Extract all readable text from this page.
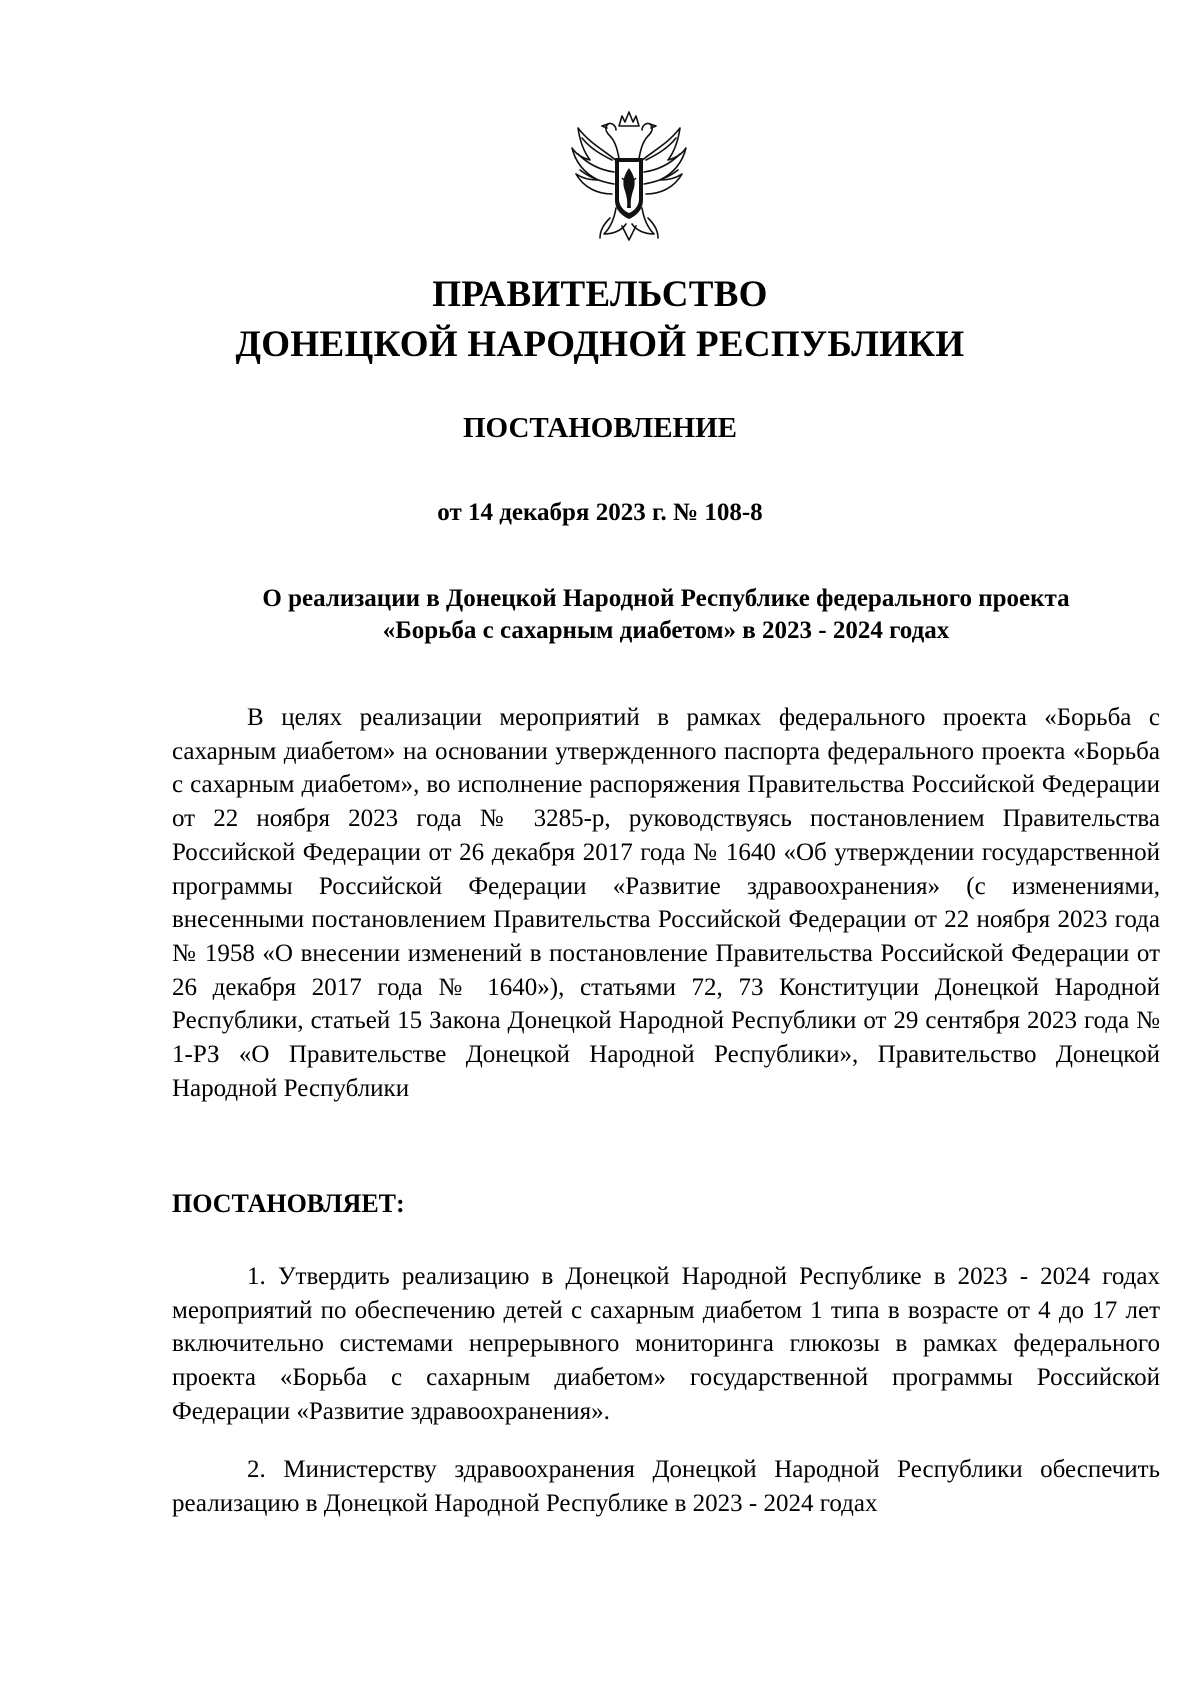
ПРАВИТЕЛЬСТВО
ДОНЕЦКОЙ НАРОДНОЙ РЕСПУБЛИКИ
ПОСТАНОВЛЕНИЕ
от 14 декабря 2023 г. № 108-8
О реализации в Донецкой Народной Республике федерального проекта
«Борьба с сахарным диабетом» в 2023 - 2024 годах
В целях реализации мероприятий в рамках федерального проекта «Борьба с сахарным диабетом» на основании утвержденного паспорта федерального проекта «Борьба с сахарным диабетом», во исполнение распоряжения Правительства Российской Федерации от 22 ноября 2023 года № 3285-р, руководствуясь постановлением Правительства Российской Федерации от 26 декабря 2017 года № 1640 «Об утверждении государственной программы Российской Федерации «Развитие здравоохранения» (с изменениями, внесенными постановлением Правительства Российской Федерации от 22 ноября 2023 года № 1958 «О внесении изменений в постановление Правительства Российской Федерации от 26 декабря 2017 года № 1640»), статьями 72, 73 Конституции Донецкой Народной Республики, статьей 15 Закона Донецкой Народной Республики от 29 сентября 2023 года № 1-РЗ «О Правительстве Донецкой Народной Республики», Правительство Донецкой Народной Республики
ПОСТАНОВЛЯЕТ:
1. Утвердить реализацию в Донецкой Народной Республике в 2023 - 2024 годах мероприятий по обеспечению детей с сахарным диабетом 1 типа в возрасте от 4 до 17 лет включительно системами непрерывного мониторинга глюкозы в рамках федерального проекта «Борьба с сахарным диабетом» государственной программы Российской Федерации «Развитие здравоохранения».
2. Министерству здравоохранения Донецкой Народной Республики обеспечить реализацию в Донецкой Народной Республике в 2023 - 2024 годах
